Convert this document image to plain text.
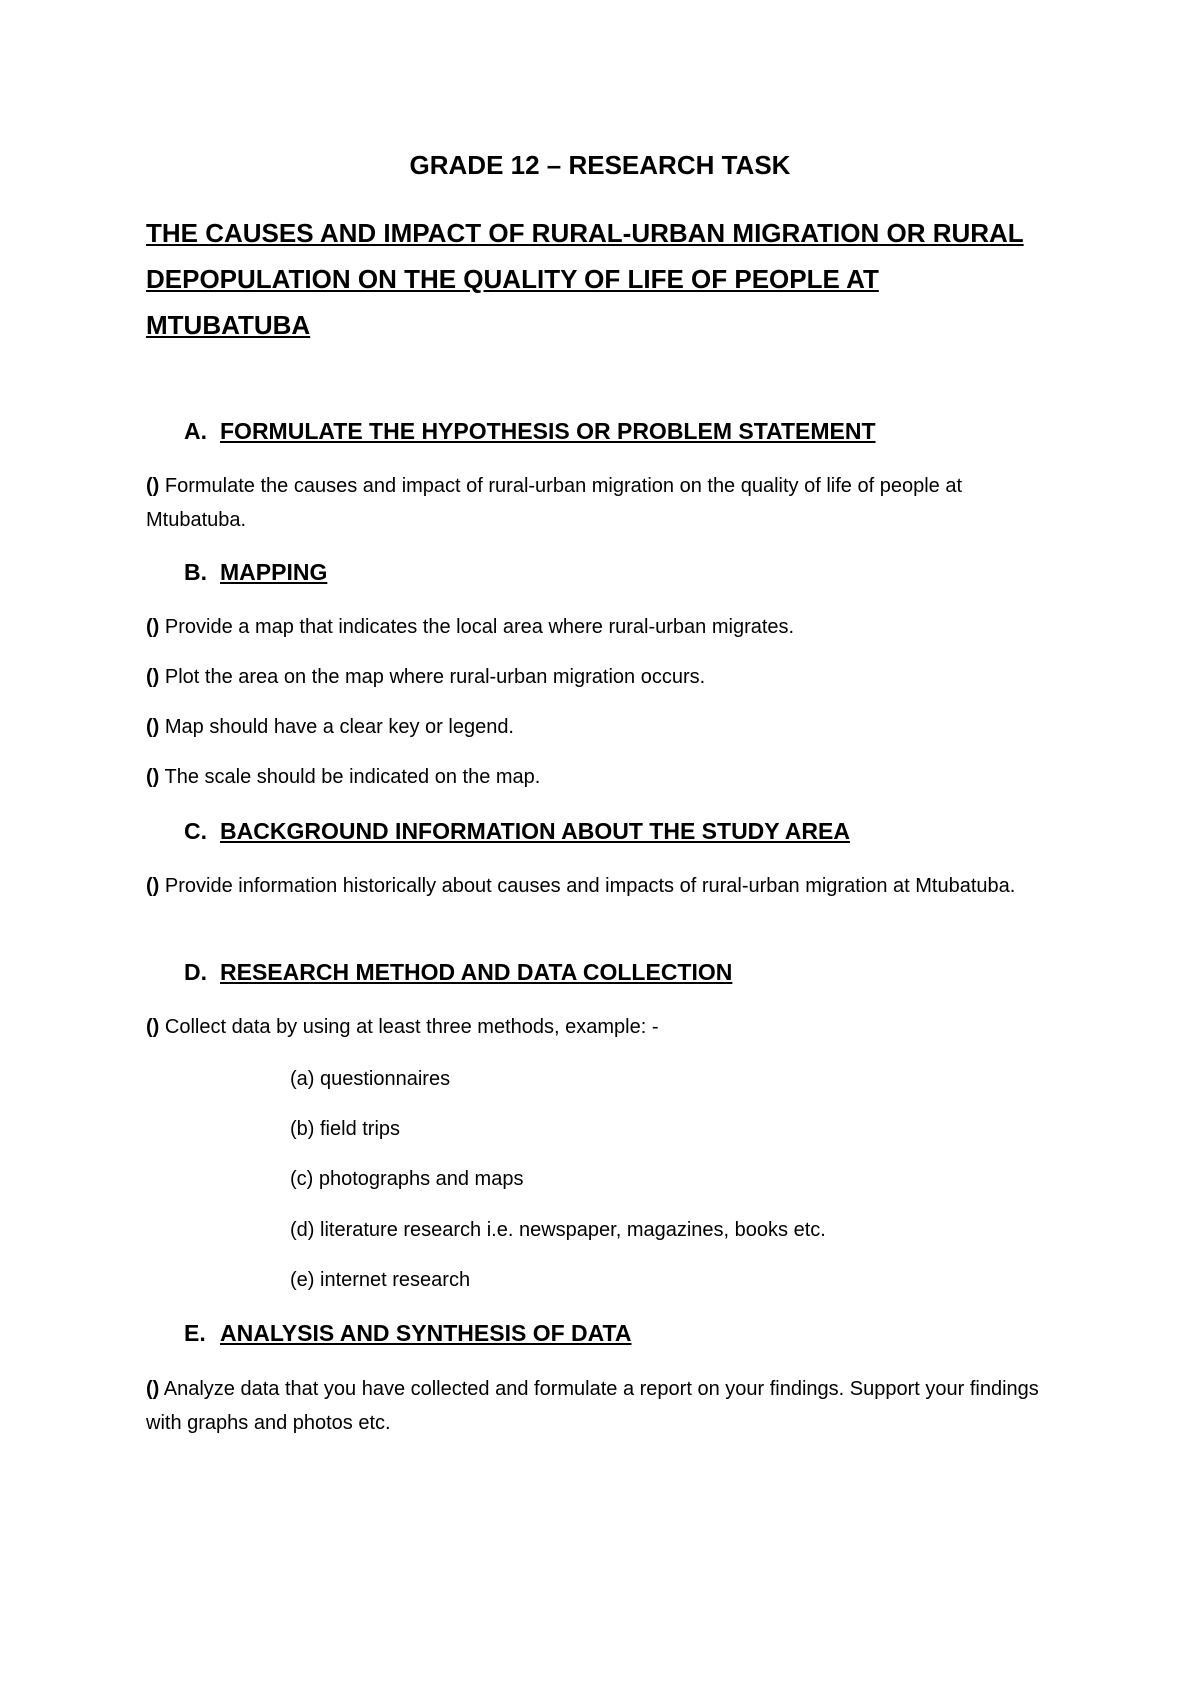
GRADE 12 – RESEARCH TASK
THE CAUSES AND IMPACT OF RURAL-URBAN MIGRATION OR RURAL DEPOPULATION ON THE QUALITY OF LIFE OF PEOPLE AT MTUBATUBA
A. FORMULATE THE HYPOTHESIS OR PROBLEM STATEMENT

() Formulate the causes and impact of rural-urban migration on the quality of life of people at Mtubatuba.

B. MAPPING

() Provide a map that indicates the local area where rural-urban migrates.

() Plot the area on the map where rural-urban migration occurs.

() Map should have a clear key or legend.

() The scale should be indicated on the map.

C. BACKGROUND INFORMATION ABOUT THE STUDY AREA

() Provide information historically about causes and impacts of rural-urban migration at Mtubatuba.

D. RESEARCH METHOD AND DATA COLLECTION

() Collect data by using at least three methods, example: -

(a) questionnaires

(b) field trips

(c) photographs and maps

(d) literature research i.e. newspaper, magazines, books etc.

(e) internet research

E. ANALYSIS AND SYNTHESIS OF DATA

() Analyze data that you have collected and formulate a report on your findings. Support your findings with graphs and photos etc.
